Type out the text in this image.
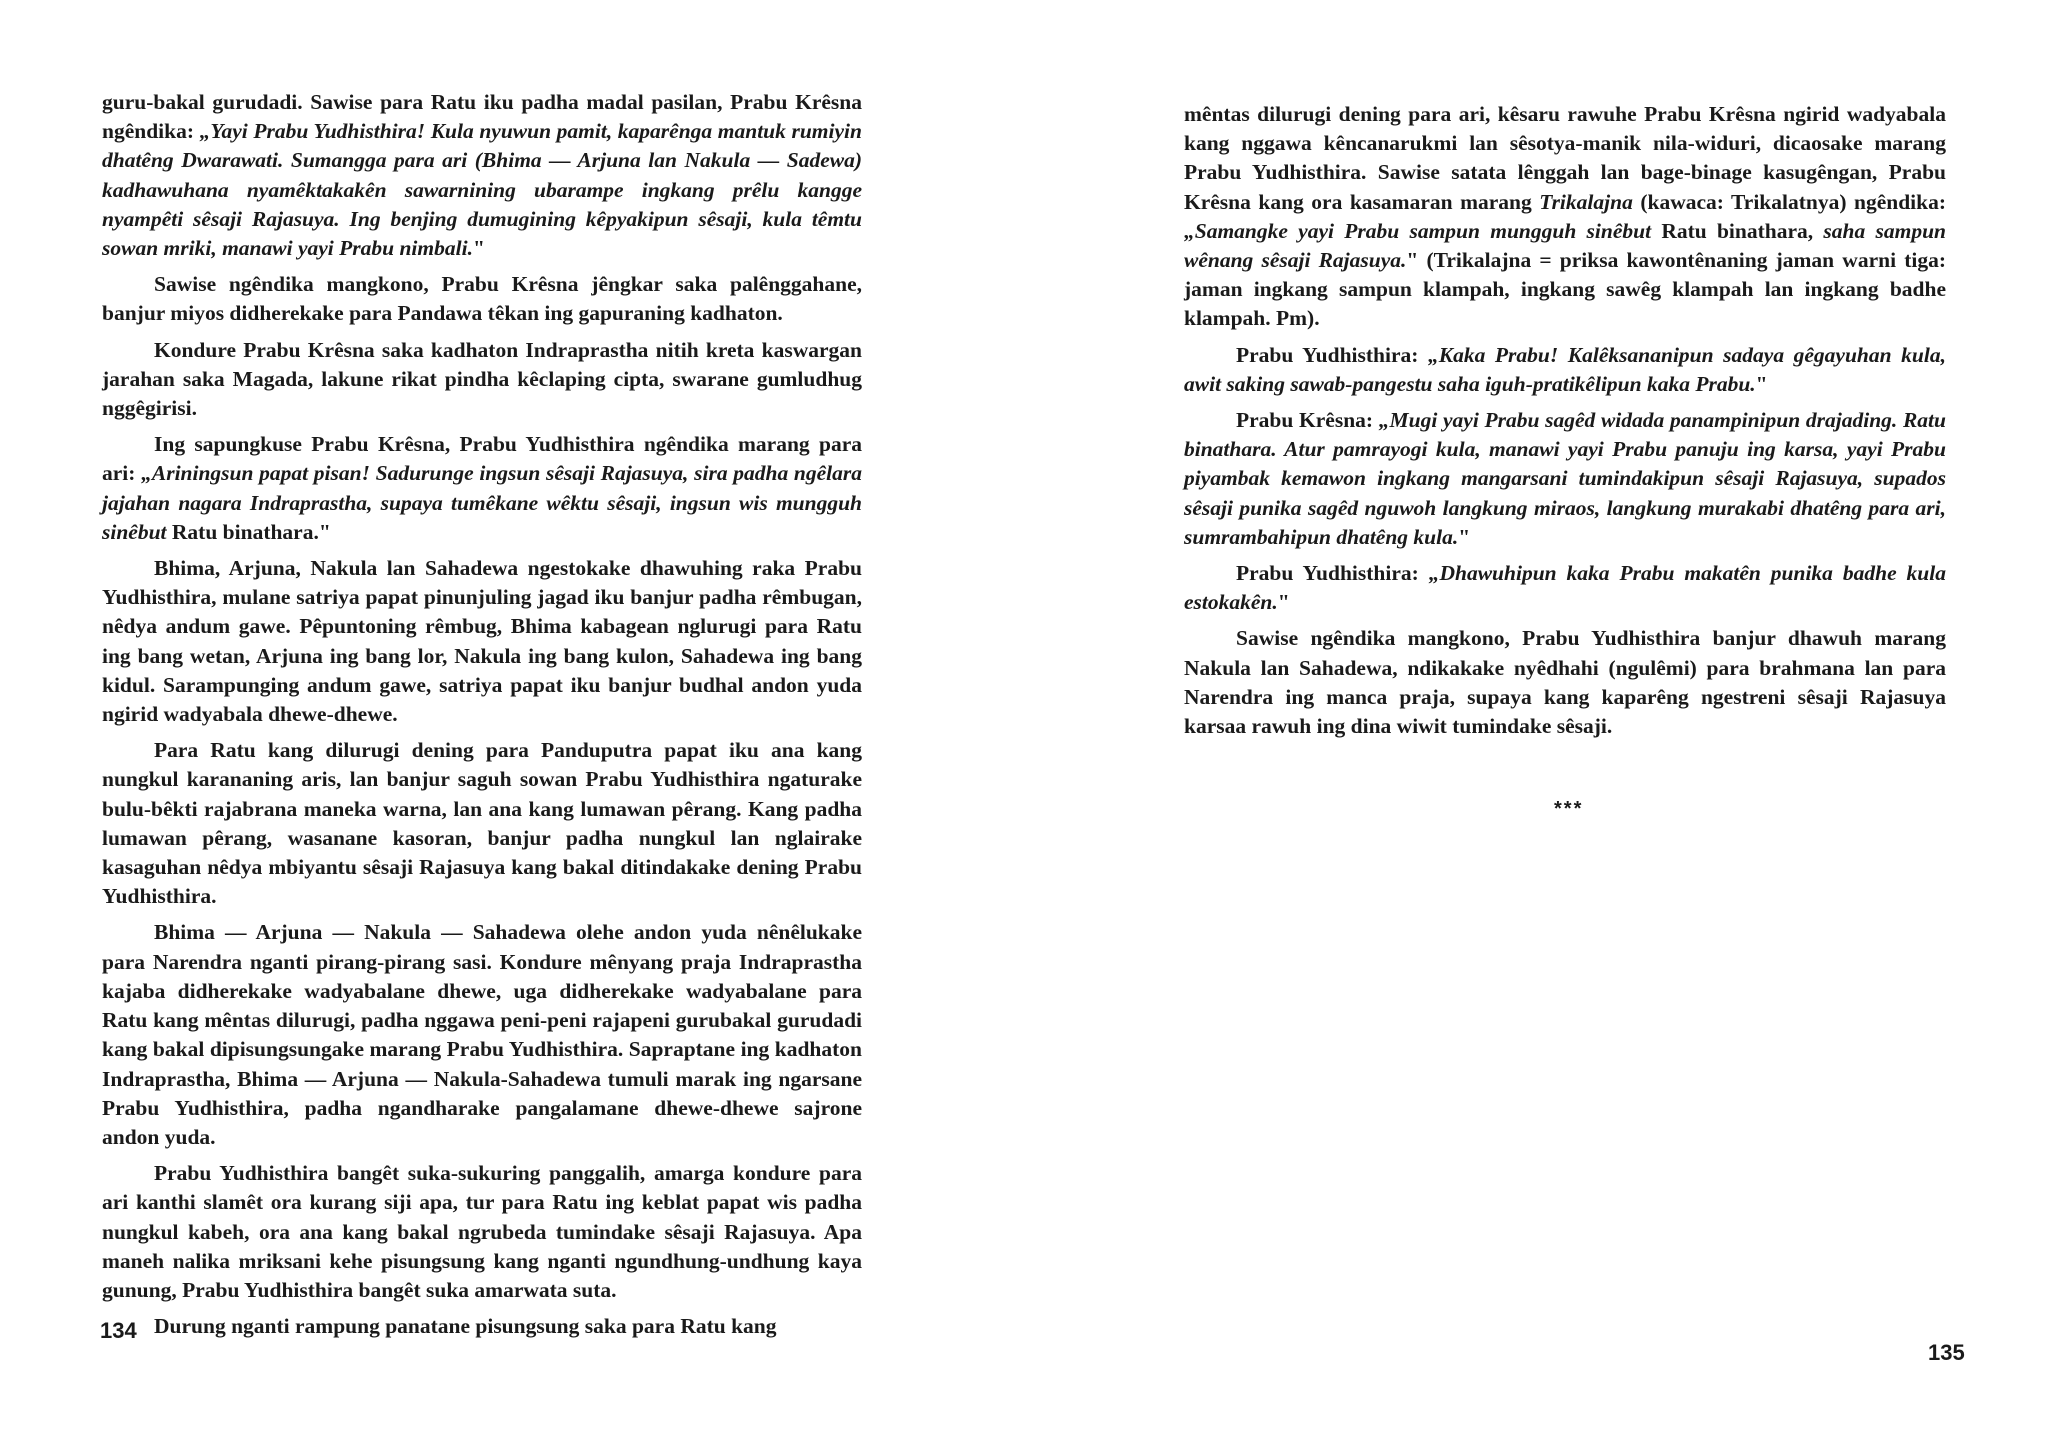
guru-bakal gurudadi. Sawise para Ratu iku padha madal pasilan, Prabu Krêsna ngêndika: „Yayi Prabu Yudhisthira! Kula nyuwun pamit, kaparênga mantuk rumiyin dhatêng Dwarawati. Sumangga para ari (Bhima — Arjuna lan Nakula — Sadewa) kadhawuhana nyamêktakakên sawarnining ubarampe ingkang prêlu kangge nyampêti sêsaji Rajasuya. Ing benjing dumugining kêpyakipun sêsaji, kula têmtu sowan mriki, manawi yayi Prabu nimbali."

Sawise ngêndika mangkono, Prabu Krêsna jêngkar saka palênggahane, banjur miyos didherekake para Pandawa têkan ing gapuraning kadhaton.

Kondure Prabu Krêsna saka kadhaton Indraprastha nitih kreta kaswargan jarahan saka Magada, lakune rikat pindha kêclaping cipta, swarane gumludhug nggêgirisi.

Ing sapungkuse Prabu Krêsna, Prabu Yudhisthira ngêndika marang para ari: „Ariningsun papat pisan! Sadurunge ingsun sêsaji Rajasuya, sira padha ngêlara jajahan nagara Indraprastha, supaya tumêkane wêktu sêsaji, ingsun wis mungguh sinêbut Ratu binathara."

Bhima, Arjuna, Nakula lan Sahadewa ngestokake dhawuhing raka Prabu Yudhisthira, mulane satriya papat pinunjuling jagad iku banjur padha rêmbugan, nêdya andum gawe. Pêpuntoning rêmbug, Bhima kabagean nglurugi para Ratu ing bang wetan, Arjuna ing bang lor, Nakula ing bang kulon, Sahadewa ing bang kidul. Sarampunging andum gawe, satriya papat iku banjur budhal andon yuda ngirid wadyabala dhewe-dhewe.

Para Ratu kang dilurugi dening para Panduputra papat iku ana kang nungkul karananing aris, lan banjur saguh sowan Prabu Yudhisthira ngaturake bulu-bêkti rajabrana maneka warna, lan ana kang lumawan pêrang. Kang padha lumawan pêrang, wasanane kasoran, banjur padha nungkul lan nglairake kasaguhan nêdya mbiyantu sêsaji Rajasuya kang bakal ditindakake dening Prabu Yudhisthira.

Bhima — Arjuna — Nakula — Sahadewa olehe andon yuda nênêlukake para Narendra nganti pirang-pirang sasi. Kondure mênyang praja Indraprastha kajaba didherekake wadyabalane dhewe, uga didherekake wadyabalane para Ratu kang mêntas dilurugi, padha nggawa peni-peni rajapeni gurubakal gurudadi kang bakal dipisungsungake marang Prabu Yudhisthira. Sapraptane ing kadhaton Indraprastha, Bhima — Arjuna — Nakula-Sahadewa tumuli marak ing ngarsane Prabu Yudhisthira, padha ngandharake pangalamane dhewe-dhewe sajrone andon yuda.

Prabu Yudhisthira bangêt suka-sukuring panggalih, amarga kondure para ari kanthi slamêt ora kurang siji apa, tur para Ratu ing keblat papat wis padha nungkul kabeh, ora ana kang bakal ngrubeda tumindake sêsaji Rajasuya. Apa maneh nalika mriksani kehe pisungsung kang nganti ngundhung-undhung kaya gunung, Prabu Yudhisthira bangêt suka amarwata suta.

Durung nganti rampung panatane pisungsung saka para Ratu kang

134

mêntas dilurugi dening para ari, kêsaru rawuhe Prabu Krêsna ngirid wadyabala kang nggawa kêncanarukmi lan sêsotya-manik nila-widuri, dicaosake marang Prabu Yudhisthira. Sawise satata lênggah lan bage-binage kasugêngan, Prabu Krêsna kang ora kasamaran marang Trikalajna (kawaca: Trikalatnya) ngêndika: „Samangke yayi Prabu sampun mungguh sinêbut Ratu binathara, saha sampun wênang sêsaji Rajasuya." (Trikalajna = priksa kawontênaning jaman warni tiga: jaman ingkang sampun klampah, ingkang sawêg klampah lan ingkang badhe klampah. Pm).

Prabu Yudhisthira: „Kaka Prabu! Kalêksananipun sadaya gêgayuhan kula, awit saking sawab-pangestu saha iguh-pratikêlipun kaka Prabu."

Prabu Krêsna: „Mugi yayi Prabu sagêd widada panampinipun drajading. Ratu binathara. Atur pamrayogi kula, manawi yayi Prabu panuju ing karsa, yayi Prabu piyambak kemawon ingkang mangarsani tumindakipun sêsaji Rajasuya, supados sêsaji punika sagêd nguwoh langkung miraos, langkung murakabi dhatêng para ari, sumrambahipun dhatêng kula."

Prabu Yudhisthira: „Dhawuhipun kaka Prabu makatên punika badhe kula estokakên."

Sawise ngêndika mangkono, Prabu Yudhisthira banjur dhawuh marang Nakula lan Sahadewa, ndikakake nyêdhahi (ngulêmi) para brahmana lan para Narendra ing manca praja, supaya kang kaparêng ngestreni sêsaji Rajasuya karsaa rawuh ing dina wiwit tumindake sêsaji.

***
135
